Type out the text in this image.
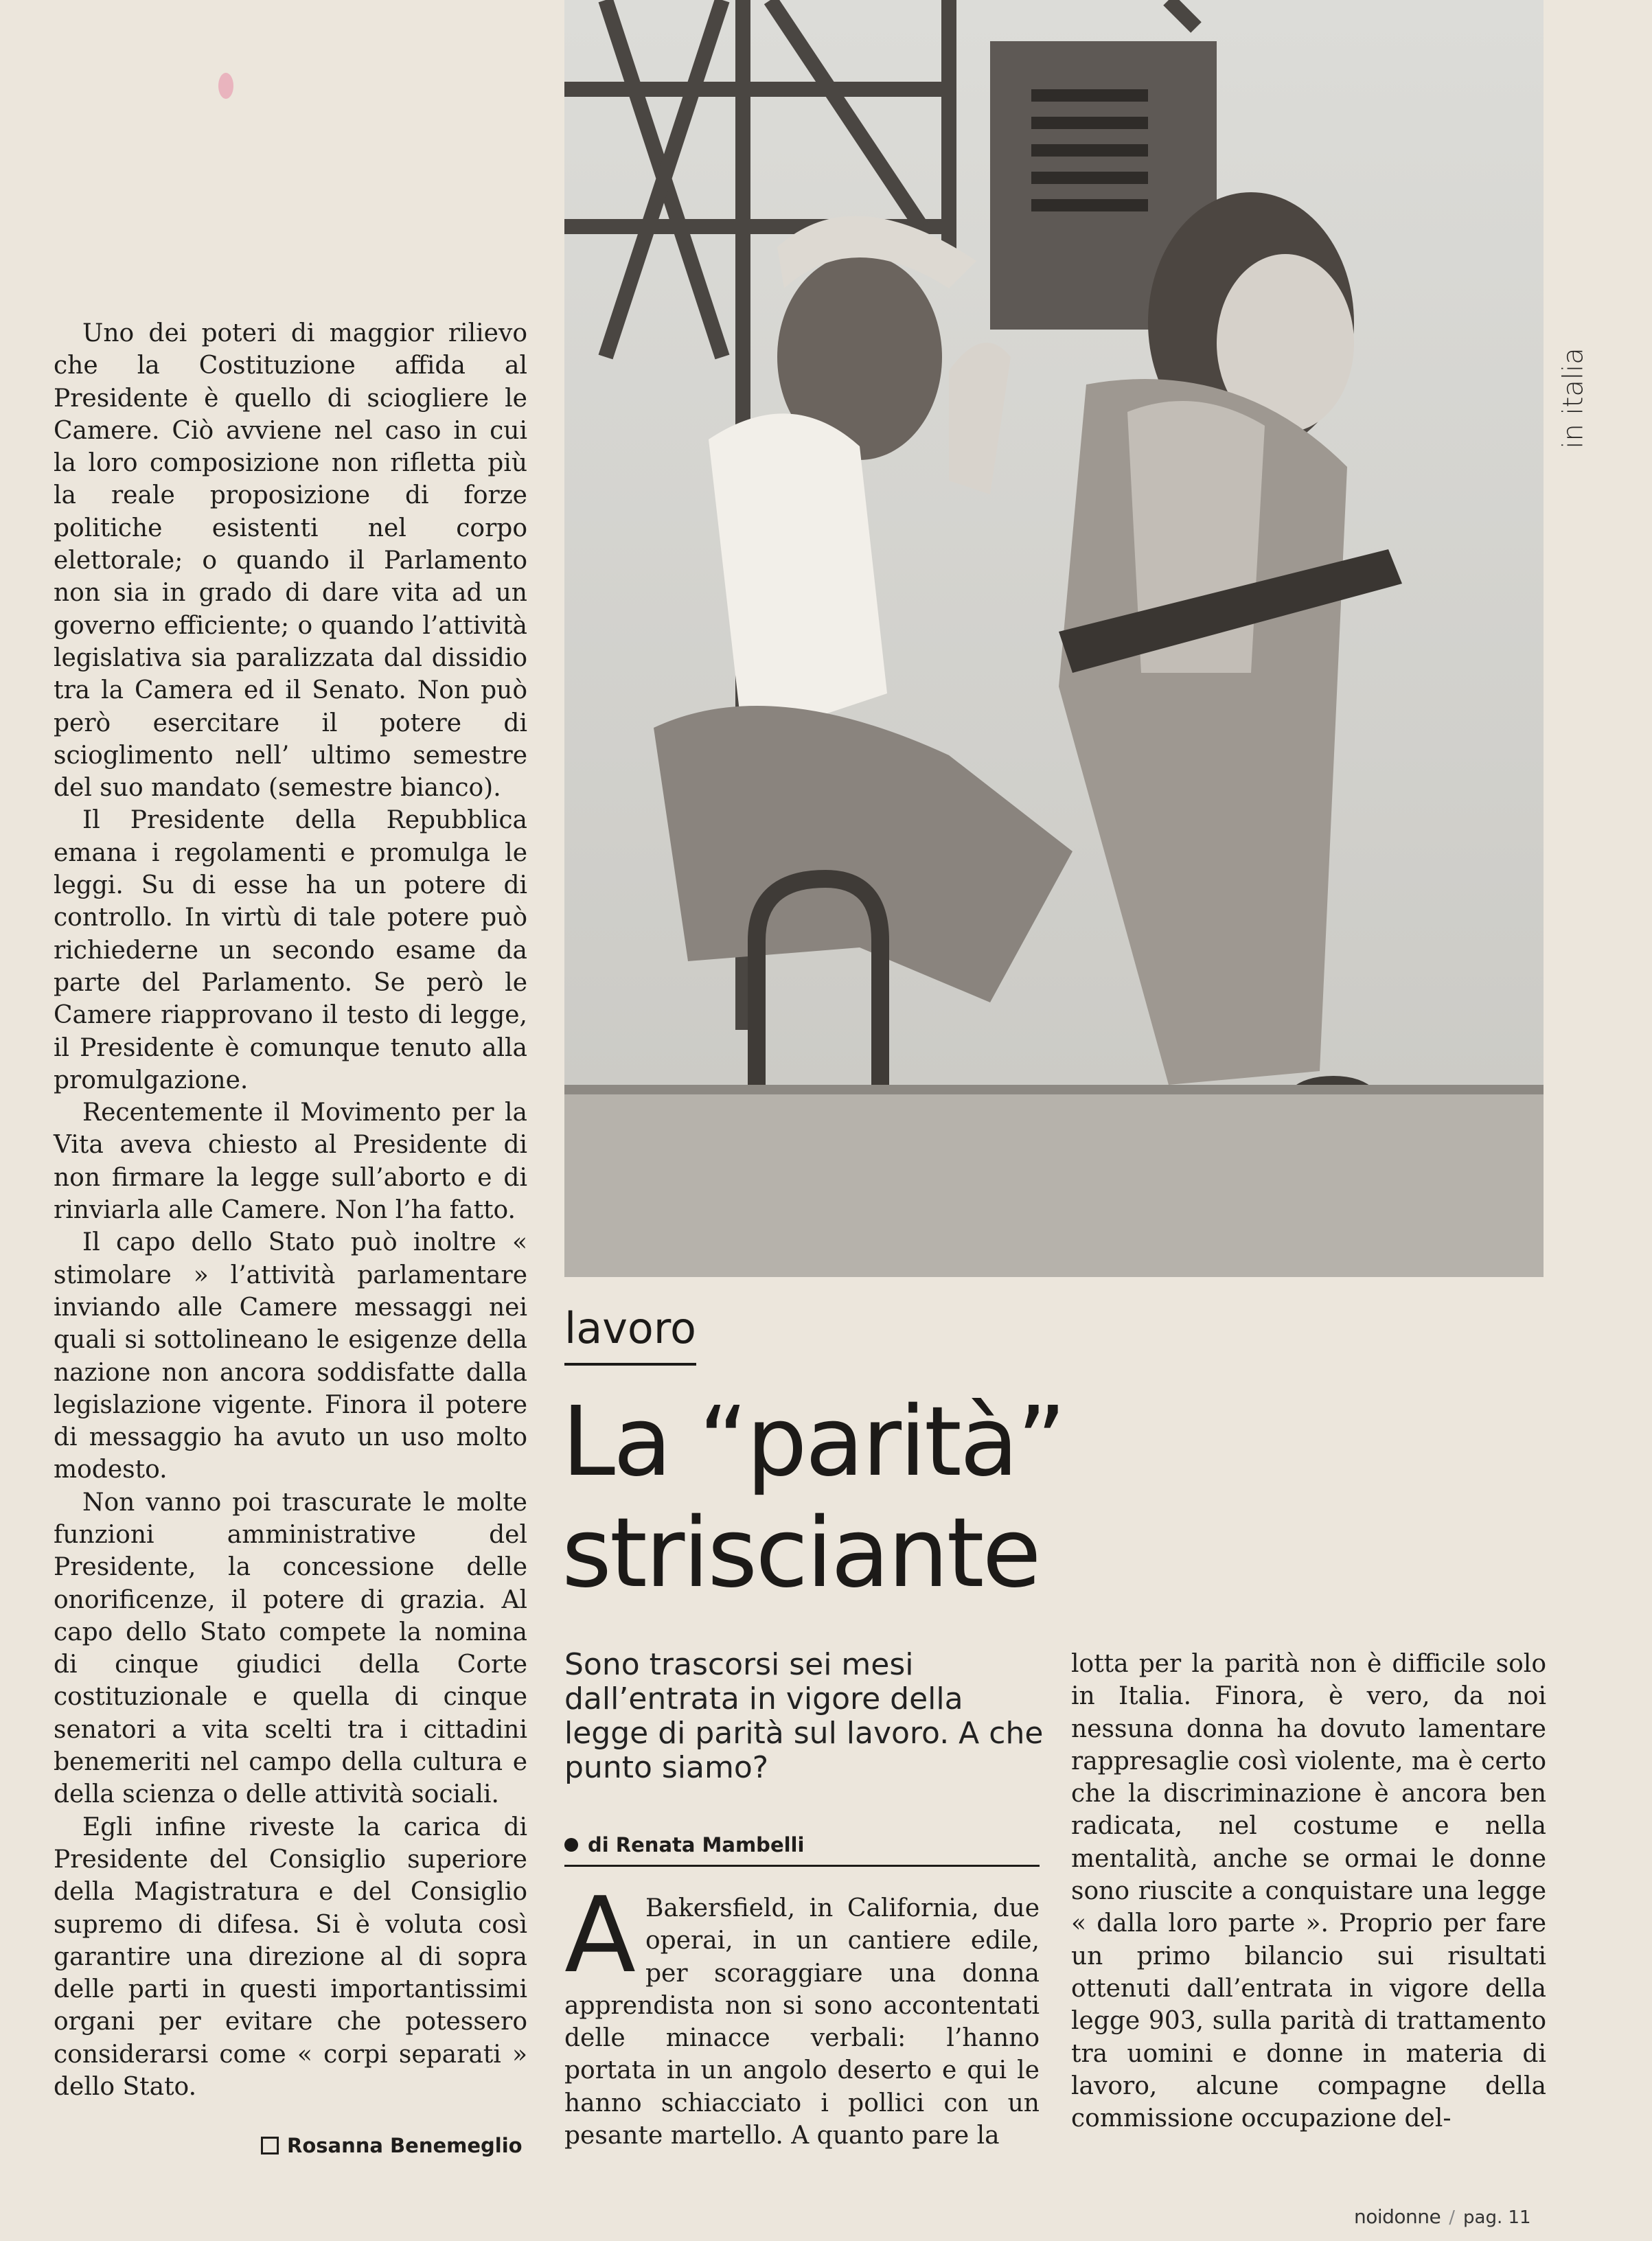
Uno dei poteri di maggior rilievo che la Costituzione affida al Presidente è quello di sciogliere le Camere. Ciò avviene nel caso in cui la loro composizione non rifletta più la reale proposizione di forze politiche esistenti nel corpo elettorale; o quando il Parlamento non sia in grado di dare vita ad un governo efficiente; o quando l’attività legislativa sia paralizzata dal dissidio tra la Camera ed il Senato. Non può però esercitare il potere di scioglimento nell’ ultimo semestre del suo mandato (semestre bianco).

Il Presidente della Repubblica emana i regolamenti e promulga le leggi. Su di esse ha un potere di controllo. In virtù di tale potere può richiederne un secondo esame da parte del Parlamento. Se però le Camere riapprovano il testo di legge, il Presidente è comunque tenuto alla promulgazione.

Recentemente il Movimento per la Vita aveva chiesto al Presidente di non firmare la legge sull’aborto e di rinviarla alle Camere. Non l’ha fatto.

Il capo dello Stato può inoltre « stimolare » l’attività parlamentare inviando alle Camere messaggi nei quali si sottolineano le esigenze della nazione non ancora soddisfatte dalla legislazione vigente. Finora il potere di messaggio ha avuto un uso molto modesto.

Non vanno poi trascurate le molte funzioni amministrative del Presidente, la concessione delle onorificenze, il potere di grazia. Al capo dello Stato compete la nomina di cinque giudici della Corte costituzionale e quella di cinque senatori a vita scelti tra i cittadini benemeriti nel campo della cultura e della scienza o delle attività sociali.

Egli infine riveste la carica di Presidente del Consiglio superiore della Magistratura e del Consiglio supremo di difesa. Si è voluta così garantire una direzione al di sopra delle parti in questi importantissimi organi per evitare che potessero considerarsi come « corpi separati » dello Stato.

Rosanna Benemeglio
in italia
lavoro
La “parità”
strisciante
Sono trascorsi sei mesi dall’entrata in vigore della legge di parità sul lavoro. A che punto siamo?
di Renata Mambelli
A Bakersfield, in California, due operai, in un cantiere edile, per scoraggiare una donna apprendista non si sono accontentati delle minacce verbali: l’hanno portata in un angolo deserto e qui le hanno schiacciato i pollici con un pesante martello. A quanto pare la
lotta per la parità non è difficile solo in Italia. Finora, è vero, da noi nessuna donna ha dovuto lamentare rappresaglie così violente, ma è certo che la discriminazione è ancora ben radicata, nel costume e nella mentalità, anche se ormai le donne sono riuscite a conquistare una legge « dalla loro parte ». Proprio per fare un primo bilancio sui risultati ottenuti dall’entrata in vigore della legge 903, sulla parità di trattamento tra uomini e donne in materia di lavoro, alcune compagne della commissione occupazione del-
noidonne / pag. 11
